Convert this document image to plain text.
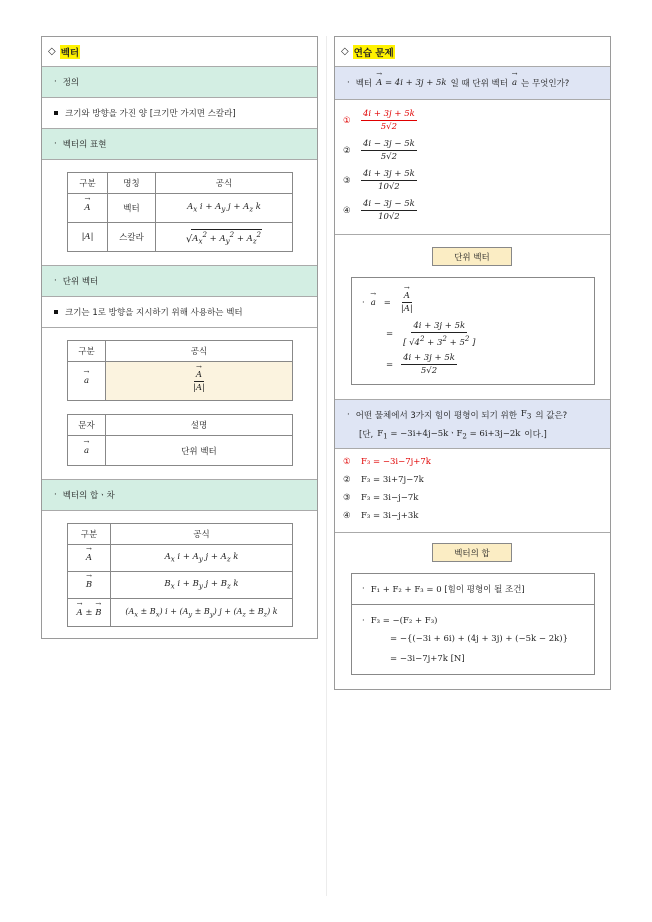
◇ 벡터
· 정의
크기와 방향을 가진 양 [크기만 가지면 스칼라]
· 벡터의 표현
구분	명칭	공식
→ A	벡터	$A_x$ $i + A_y$ $j + A_z$ k
|A|	스칼라	√ $A_x^2 + A_y^2 + A_z^2$
· 단위 벡터
크기는 1로 방향을 지시하기 위해 사용하는 벡터
구분	공식
→ a	→ $\frac{A}{|A|}$
문자	설명
→ a	단위 벡터
· 벡터의 합ㆍ차
구분	공식
→ A	$A_x$ $i + A_y$ $j + A_z$ k
→ B	$B_x$ $i + B_y$ $j + B_z$ k
→ A ± → B	$(A_x \pm B_x) i + (A_y \pm B_y) j + (A_z \pm B_z)$ k
◇ 연습 문제
· 벡터 → A = 4i + 3j + 5k 일 때 단위 벡터 → a 는 무엇인가?
①	$\frac{4i + 3j + 5k}{5√2}$
②	$\frac{4i - 3j - 5k}{5√2}$
③	$\frac{4i + 3j + 5k}{10√2}$
④	$\frac{4i - 3j - 5k}{10√2}$
단위 벡터
· → a = → $\frac{A}{|A|}$
= $\frac{4i + 3j + 5k}{[ √4^2 + 3^2 + 5^2 ]}$
= $\frac{4i + 3j + 5k}{5√2}$
· 어떤 물체에서 3가지 힘이 평형이 되기 위한 $F_3$ 의 값은?
[단, $F_1 = -3i+4j-5k$ㆍ$F_2 = 6i+3j-2k$ 이다.]
①	F₃ = −3i−7j+7k
②	F₃ = 3i+7j−7k
③	F₃ = 3i−j−7k
④	F₃ = 3i−j+3k
벡터의 합
· F₁ + F₂ + F₃ = 0 [힘이 평형이 될 조건]
· F₃ = −(F₂ + F₃)
= −{(−3i + 6i) + (4j + 3j) + (−5k − 2k)}
= −3i−7j+7k [N]
